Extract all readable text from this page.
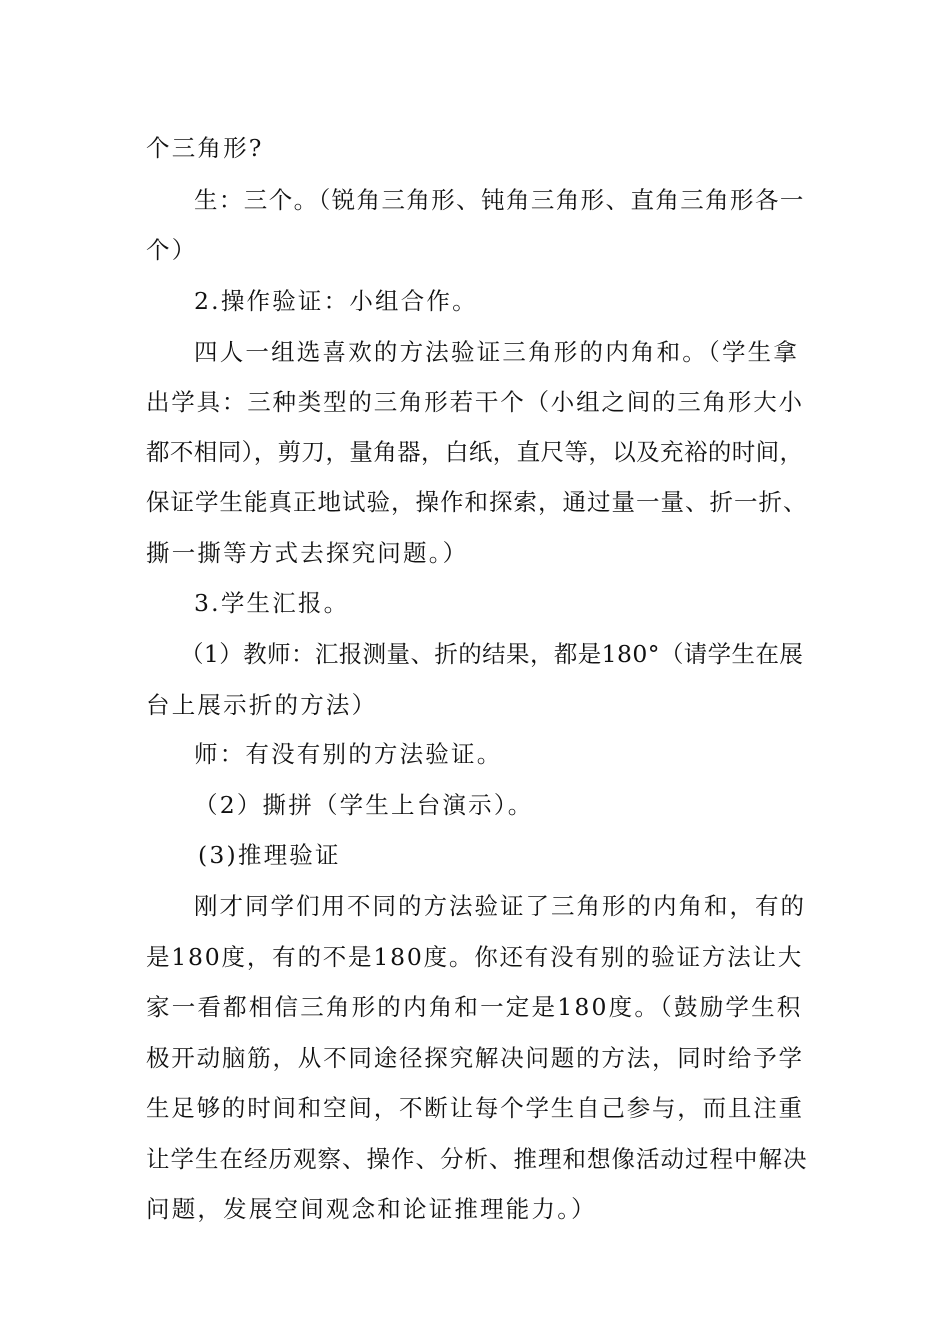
个三角形?
生：三个。（锐角三角形、钝角三角形、直角三角形各一
个）
2.操作验证：小组合作。
四人一组选喜欢的方法验证三角形的内角和。（学生拿
出学具：三种类型的三角形若干个（小组之间的三角形大小
都不相同），剪刀，量角器，白纸，直尺等，以及充裕的时间，
保证学生能真正地试验，操作和探索，通过量一量、折一折、
撕一撕等方式去探究问题。）
3.学生汇报。
（1）教师：汇报测量、折的结果，都是180°（请学生在展
台上展示折的方法）
师：有没有别的方法验证。
（2）撕拼（学生上台演示）。
(3)推理验证
刚才同学们用不同的方法验证了三角形的内角和，有的
是180度，有的不是180度。你还有没有别的验证方法让大
家一看都相信三角形的内角和一定是180度。（鼓励学生积
极开动脑筋，从不同途径探究解决问题的方法，同时给予学
生足够的时间和空间，不断让每个学生自己参与，而且注重
让学生在经历观察、操作、分析、推理和想像活动过程中解决
问题，发展空间观念和论证推理能力。）
